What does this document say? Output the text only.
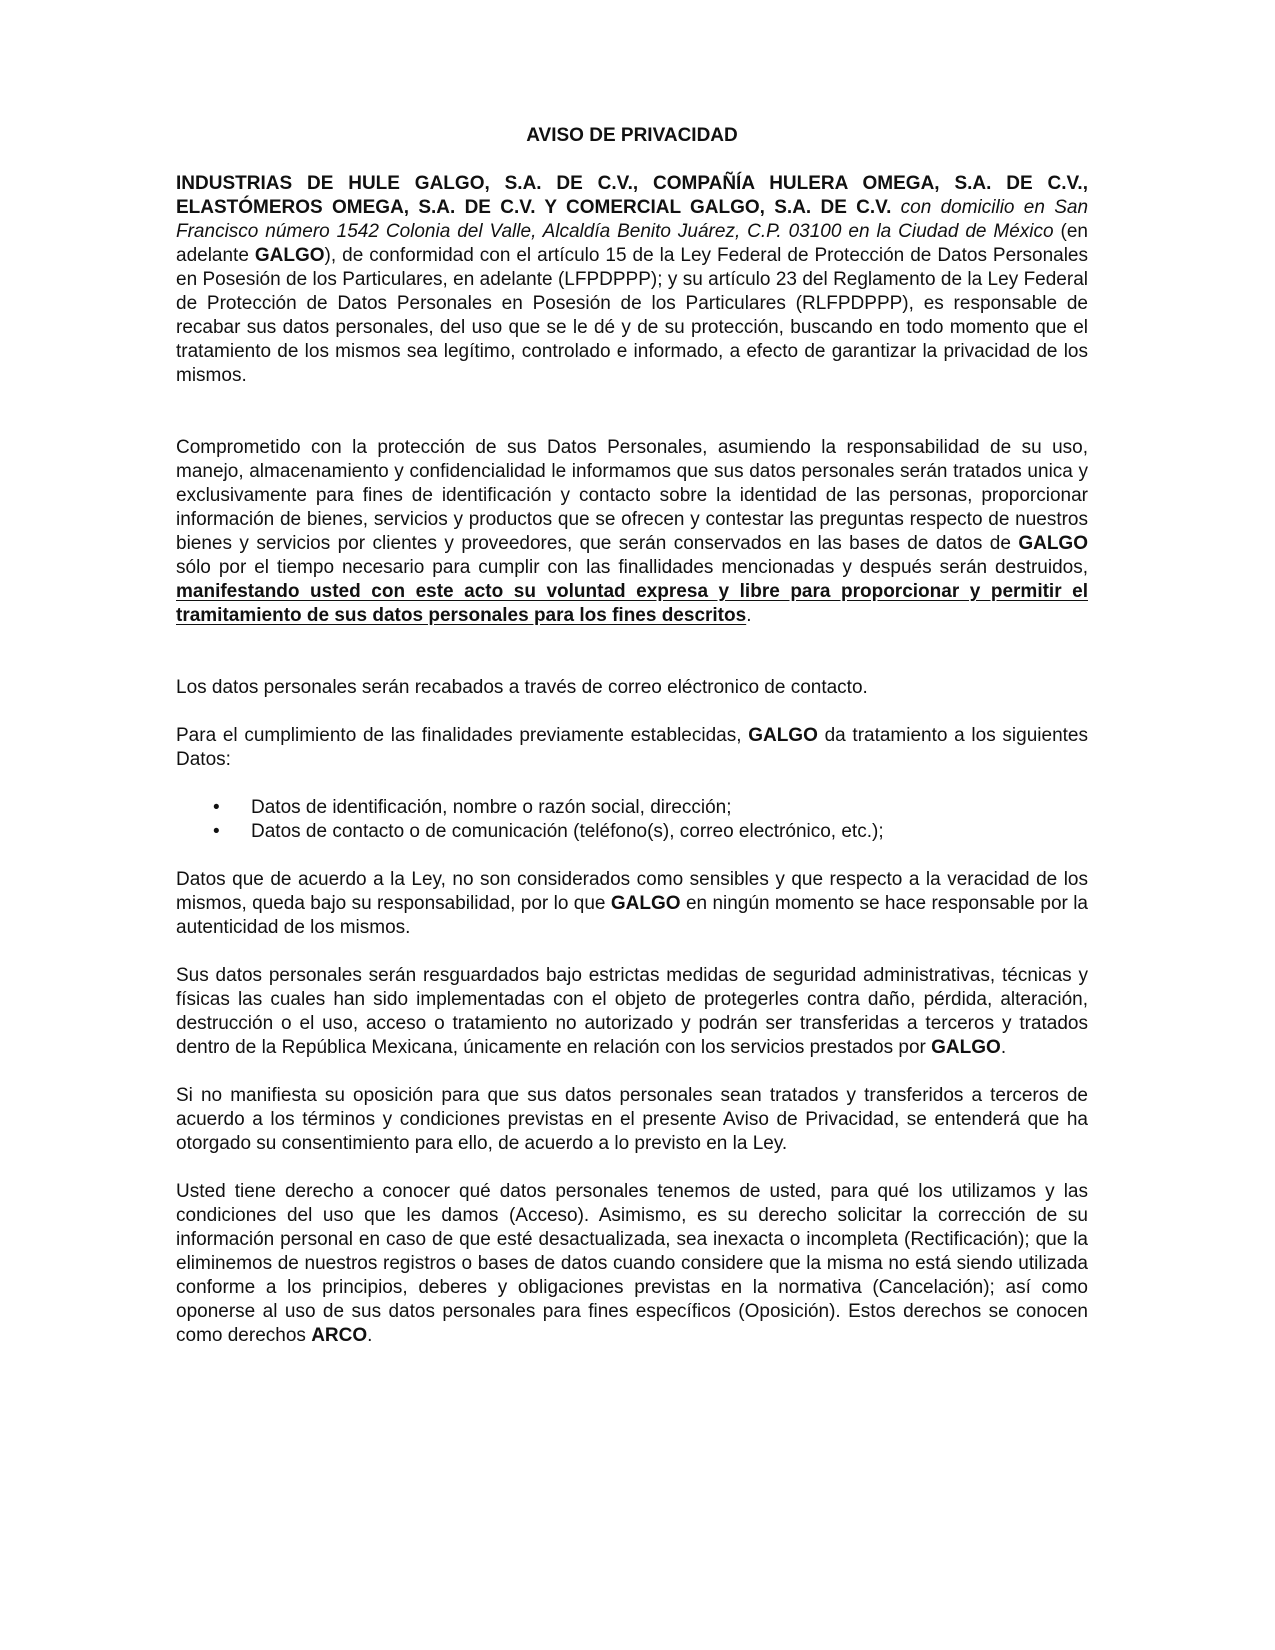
AVISO DE PRIVACIDAD

INDUSTRIAS DE HULE GALGO, S.A. DE C.V., COMPAÑÍA HULERA OMEGA, S.A. DE C.V., ELASTÓMEROS OMEGA, S.A. DE C.V. Y COMERCIAL GALGO, S.A. DE C.V. con domicilio en San Francisco número 1542 Colonia del Valle, Alcaldía Benito Juárez, C.P. 03100 en la Ciudad de México (en adelante GALGO), de conformidad con el artículo 15 de la Ley Federal de Protección de Datos Personales en Posesión de los Particulares, en adelante (LFPDPPP); y su artículo 23 del Reglamento de la Ley Federal de Protección de Datos Personales en Posesión de los Particulares (RLFPDPPP), es responsable de recabar sus datos personales, del uso que se le dé y de su protección, buscando en todo momento que el tratamiento de los mismos sea legítimo, controlado e informado, a efecto de garantizar la privacidad de los mismos.

Comprometido con la protección de sus Datos Personales, asumiendo la responsabilidad de su uso, manejo, almacenamiento y confidencialidad le informamos que sus datos personales serán tratados unica y exclusivamente para fines de identificación y contacto sobre la identidad de las personas, proporcionar información de bienes, servicios y productos que se ofrecen y contestar las preguntas respecto de nuestros bienes y servicios por clientes y proveedores, que serán conservados en las bases de datos de GALGO sólo por el tiempo necesario para cumplir con las finallidades mencionadas y después serán destruidos, manifestando usted con este acto su voluntad expresa y libre para proporcionar y permitir el tramitamiento de sus datos personales para los fines descritos.

Los datos personales serán recabados a través de correo eléctronico de contacto.

Para el cumplimiento de las finalidades previamente establecidas, GALGO da tratamiento a los siguientes Datos:

• Datos de identificación, nombre o razón social, dirección;
• Datos de contacto o de comunicación (teléfono(s), correo electrónico, etc.);

Datos que de acuerdo a la Ley, no son considerados como sensibles y que respecto a la veracidad de los mismos, queda bajo su responsabilidad, por lo que GALGO en ningún momento se hace responsable por la autenticidad de los mismos.

Sus datos personales serán resguardados bajo estrictas medidas de seguridad administrativas, técnicas y físicas las cuales han sido implementadas con el objeto de protegerles contra daño, pérdida, alteración, destrucción o el uso, acceso o tratamiento no autorizado y podrán ser transferidas a terceros y tratados dentro de la República Mexicana, únicamente en relación con los servicios prestados por GALGO.

Si no manifiesta su oposición para que sus datos personales sean tratados y transferidos a terceros de acuerdo a los términos y condiciones previstas en el presente Aviso de Privacidad, se entenderá que ha otorgado su consentimiento para ello, de acuerdo a lo previsto en la Ley.

Usted tiene derecho a conocer qué datos personales tenemos de usted, para qué los utilizamos y las condiciones del uso que les damos (Acceso). Asimismo, es su derecho solicitar la corrección de su información personal en caso de que esté desactualizada, sea inexacta o incompleta (Rectificación); que la eliminemos de nuestros registros o bases de datos cuando considere que la misma no está siendo utilizada conforme a los principios, deberes y obligaciones previstas en la normativa (Cancelación); así como oponerse al uso de sus datos personales para fines específicos (Oposición). Estos derechos se conocen como derechos ARCO.
